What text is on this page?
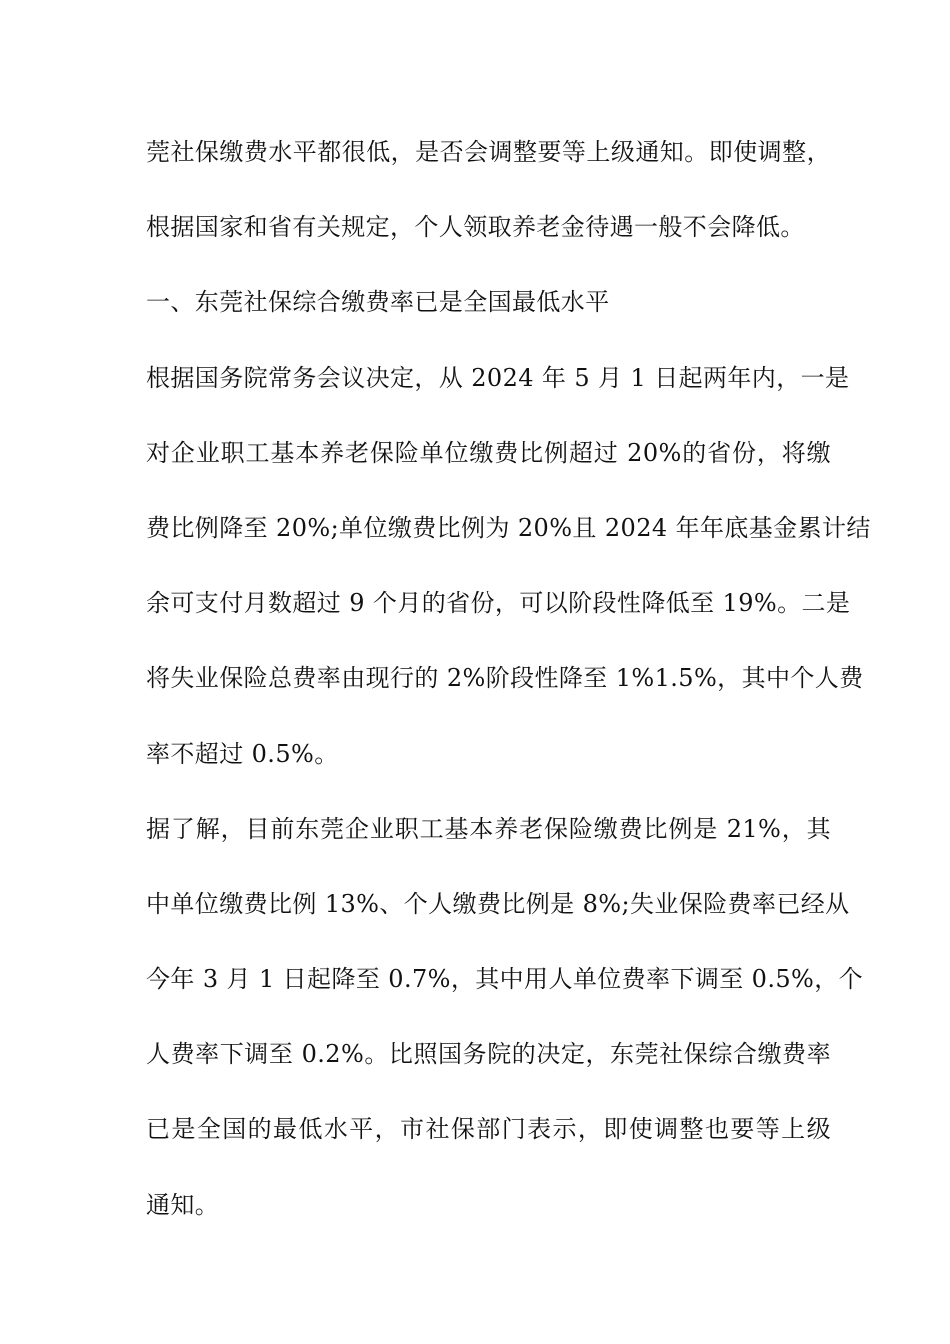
莞社保缴费水平都很低，是否会调整要等上级通知。即使调整，
根据国家和省有关规定，个人领取养老金待遇一般不会降低。
一、东莞社保综合缴费率已是全国最低水平
根据国务院常务会议决定，从 2024 年 5 月 1 日起两年内，一是
对企业职工基本养老保险单位缴费比例超过 20%的省份，将缴
费比例降至 20%;单位缴费比例为 20%且 2024 年年底基金累计结
余可支付月数超过 9 个月的省份，可以阶段性降低至 19%。二是
将失业保险总费率由现行的 2%阶段性降至 1%1.5%，其中个人费
率不超过 0.5%。
据了解，目前东莞企业职工基本养老保险缴费比例是 21%，其
中单位缴费比例 13%、个人缴费比例是 8%;失业保险费率已经从
今年 3 月 1 日起降至 0.7%，其中用人单位费率下调至 0.5%，个
人费率下调至 0.2%。比照国务院的决定，东莞社保综合缴费率
已是全国的最低水平，市社保部门表示，即使调整也要等上级
通知。
